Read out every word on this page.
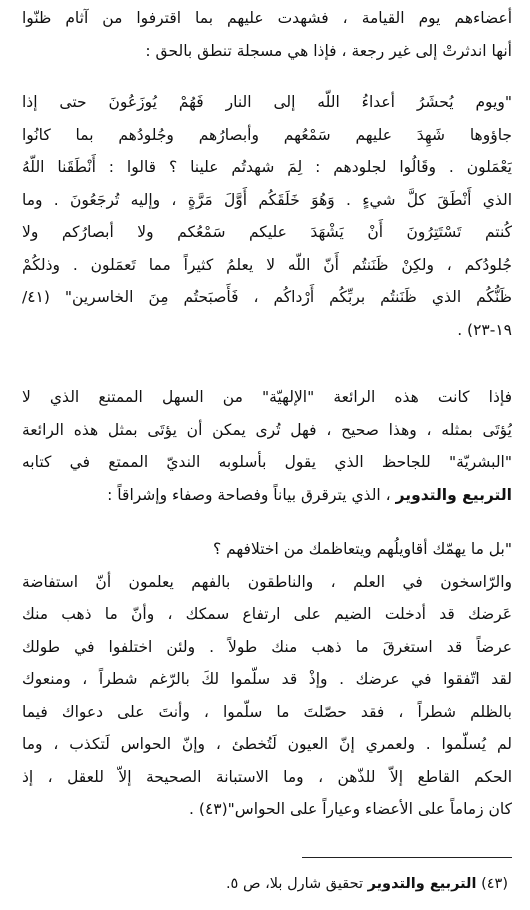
أعضاءهم يوم القيامة ، فشهدت عليهم بما اقترفوا من آثام ظنّوا
أنها اندثرتْ إلى غير رجعة ، فإذا هي مسجلة تنطق بالحق :
"ويوم يُحشَرُ أعداءُ اللّه إلى النار فَهُمْ يُوزَعُونَ حتى إذا
جاؤوها شَهِدَ عليهم سَمْعُهم وأبصارُهم وجُلودُهم بما كانُوا
يَعْمَلون . وقَالُوا لجلودهم : لِمَ شهدتُم علينا ؟ قالوا : أَنْطَقَنا اللّهُ
الذي أَنْطَقَ كلَّ شيءٍ . وَهُوَ خَلَقَكُم أَوَّلَ مَرَّةٍ ، وإليه تُرجَعُونَ . وما
كُنتم تَسْتَتِرُونَ أَنْ يَشْهَدَ عليكم سَمْعُكم ولا أبصارُكم ولا
جُلودُكم ، ولكِنْ ظَنَنتُم أَنّ اللّه لا يعلمُ كثيراً مما تَعمَلون . وذلكُمْ
ظَنُّكُم الذي ظَنَنتُم بربِّكُم أَرْداكُم ، فَأَصبَحتُم مِنَ الخاسرين" (٤١/
١٩-٢٣) .
فإذا كانت هذه الرائعة "الإلهيّة" من السهل الممتنع الذي لا
يُؤتَى بمثله ، وهذا صحيح ، فهل تُرى يمكن أن يؤتَى بمثل هذه الرائعة
"البشريّة" للجاحظ الذي يقول بأسلوبه النديّ الممتع في كتابه
التربيع والتدوير ، الذي يترقرق بياناً وفصاحة وصفاء وإشراقاً :
"بل ما يهمّك أقاويلُهم ويتعاظمك من اختلافهم ؟
والرّاسخون في العلم ، والناطقون بالفهم يعلمون أنّ استفاضة
عَرضك قد أدخلت الضيم على ارتفاع سمكك ، وأنّ ما ذهب منك
عرضاً قد استغرقَ ما ذهب منك طولاً . ولئن اختلفوا في طولك
لقد اتّفقوا في عرضك . وإذْ قد سلّموا لكَ بالرّغم شطراً ، ومنعوك
بالظلم شطراً ، فقد حصّلتَ ما سلّموا ، وأنتَ على دعواك فيما
لم يُسلّموا . ولعمري إنّ العيون لَتُخطئ ، وإنّ الحواس لَتكذب ، وما
الحكم القاطع إلاّ للذّهن ، وما الاستبانة الصحيحة إلاّ للعقل ، إذ
كان زماماً على الأعضاء وعياراً على الحواس"(٤٣) .
(٤٣) التربيع والتدوير تحقيق شارل بلا، ص ٥.
